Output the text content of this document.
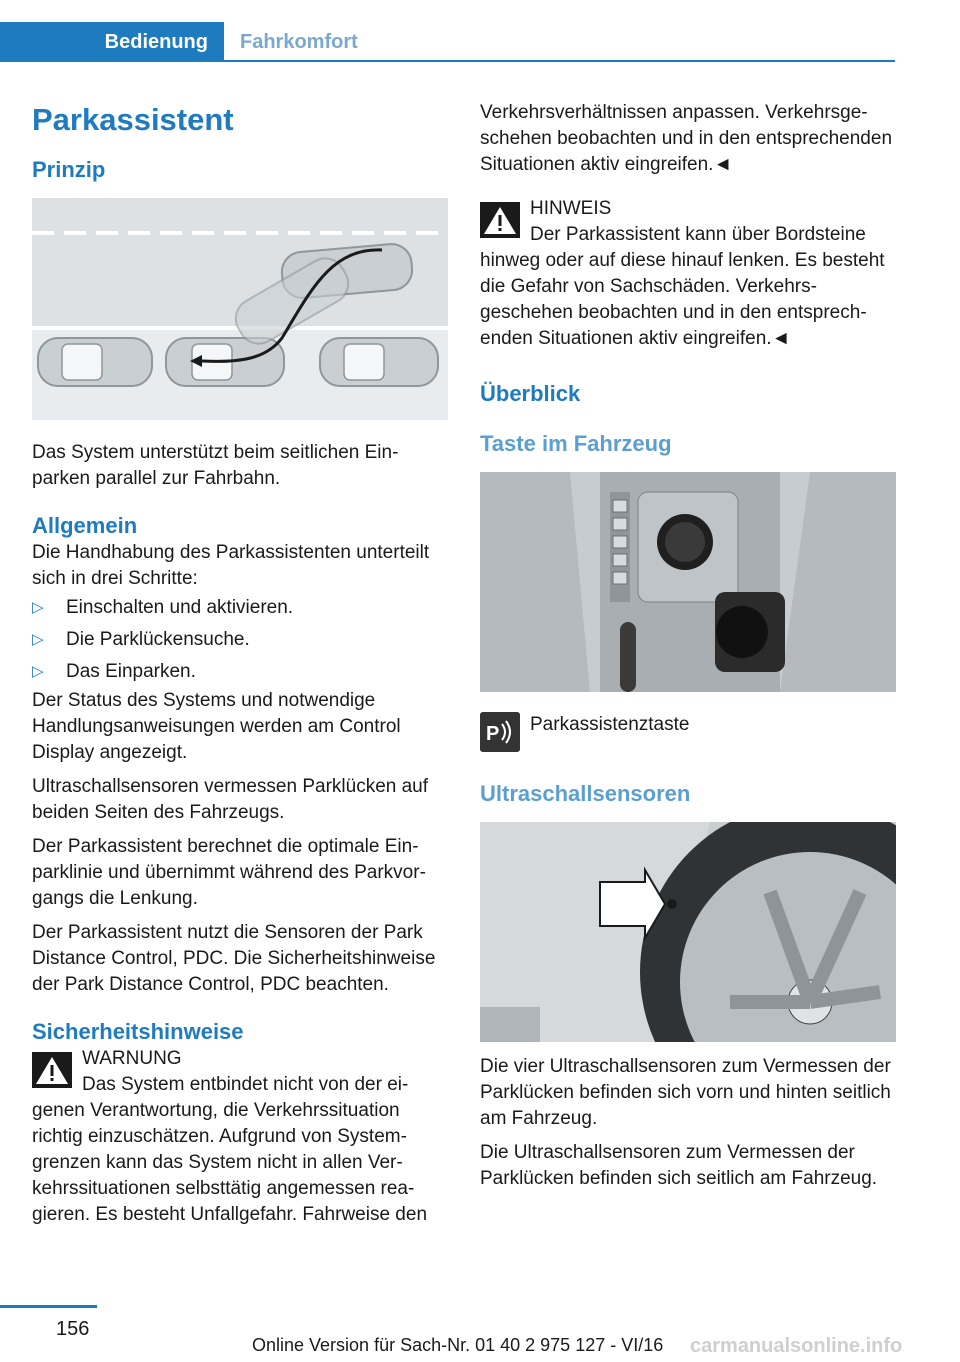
Bedienung	Fahrkomfort
Parkassistent
Prinzip

Das System unterstützt beim seitlichen Einparken parallel zur Fahrbahn.

Allgemein

Die Handhabung des Parkassistenten unterteilt sich in drei Schritte:

▷	Einschalten und aktivieren.
▷	Die Parklückensuche.
▷	Das Einparken.

Der Status des Systems und notwendige Handlungsanweisungen werden am Control Display angezeigt.

Ultraschallsensoren vermessen Parklücken auf beiden Seiten des Fahrzeugs.

Der Parkassistent berechnet die optimale Einparklinie und übernimmt während des Parkvorgangs die Lenkung.

Der Parkassistent nutzt die Sensoren der Park Distance Control, PDC. Die Sicherheitshinweise der Park Distance Control, PDC beachten.

Sicherheitshinweise
WARNUNG

Das System entbindet nicht von der eigenen Verantwortung, die Verkehrssituation richtig einzuschätzen. Aufgrund von Systemgrenzen kann das System nicht in allen Verkehrssituationen selbsttätig angemessen reagieren. Es besteht Unfallgefahr. Fahrweise den

Verkehrsverhältnissen anpassen. Verkehrsgeschehen beobachten und in den entsprechenden Situationen aktiv eingreifen.◄

HINWEIS

Der Parkassistent kann über Bordsteine hinweg oder auf diese hinauf lenken. Es besteht die Gefahr von Sachschäden. Verkehrsgeschehen beobachten und in den entsprechenden Situationen aktiv eingreifen.◄

Überblick
Taste im Fahrzeug
P Parkassistenztaste
Ultraschallsensoren

Die vier Ultraschallsensoren zum Vermessen der Parklücken befinden sich vorn und hinten seitlich am Fahrzeug.

Die Ultraschallsensoren zum Vermessen der Parklücken befinden sich seitlich am Fahrzeug.

156
Online Version für Sach-Nr. 01 40 2 975 127 - VI/16 carmanualsonline.info
